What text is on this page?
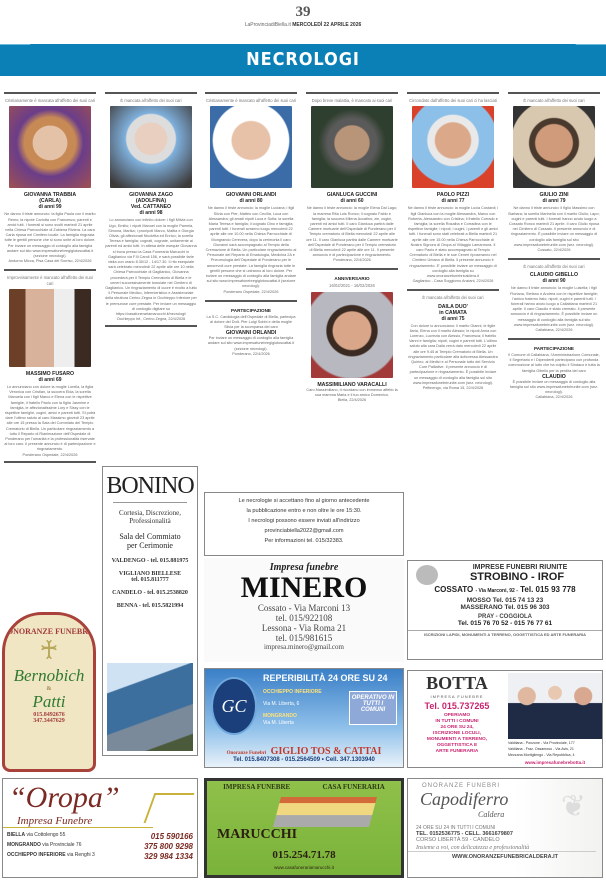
39
LaProvinciadiBiella.it MERCOLEDÌ 22 APRILE 2026
NECROLOGI
Cristianamente è mancata all'affetto dei suoi cari
GIOVANNA TRABBIA
(CARLA)
di anni 99
Ne danno il triste annuncio: la figlia Paola con il marito Remo; la nipote Carlotta con Francesco; parenti e amici tutti. I funerali si sono svolti martedì 21 aprile nella Chiesa Parrocchiale di Zubiena Riviera. La cara Carla riposa nel Cimitero locale. La famiglia ringrazia tutte le gentili persone che si sono unite al loro dolore. Per inviare un messaggio di cordoglio alla famiglia andare sul sito www.impresafunebregiglotoscattai.it (sezione necrologi).
Andorno Micca, Pisa Casa del Sorriso, 22/4/2026
Improvvisamente è mancato all'affetto dei suoi cari
MASSIMO FUSARO
di anni 69
Lo annunciano con dolore la moglie Lorella, la figlia Veronica con Cristian, la suocera Elda, la sorella Manuela con i figli Marco e Elena con le rispettive famiglie, il fratello Paolo con la figlia Jasmine e famiglia, le affezionatissime Lory e Sissy con le rispettive famiglie, cugini, amici e parenti tutti. Si potrà dare l'ultimo saluto al caro Massimo giovedì 23 aprile alle ore 15 presso la Sala del Commiato del Tempio Crematorio di Biella. Un particolare ringraziamento a tutto il Reparto di Rianimazione dell'Ospedale di Ponderano per l'umanità e la professionalità riservate al loro caro. Il presente annuncio è di partecipazione e ringraziamento.
Ponderano Ospedale, 22/4/2026
È mancata all'affetto dei suoi cari
GIOVANNA ZAGO
(ADOLFINA)
Ved. CATTANEO
di anni 98
Lo annunciano con infinito dolore: i figli Milvia con Ugo, Emilio; i nipoti Manuel con la moglie Pamela, Simona, Marika; i pronipoti Marco, Mattia e Giorgia Olivia; gli affezionati Nicoletta ed Enrico; la sorella Teresa e famiglia; cognati, cognate, unitamente ai parenti ed amici tutti. In attesa delle esequie Giovanna si trova presso la Casa Funeraria Marucchi in Gaglianico via F.lli Caroli 156, e sarà possibile farle visita con orario 8.30/12 - 14/17.30. Il rito esequiale sarà celebrato mercoledì 22 aprile alle ore 10 nella Chiesa Parrocchiale di Gaglianico, Giovanna procederà per il Tempio Crematorio di Biella e le ceneri successivamente tumulate nel Cimitero di Gaglianico. Un ringraziamento di cuore è rivolto a tutto il Personale Medico, Infermieristico e Assistenziale della struttura Cerino Zegna in Occhieppo Inferiore per le premurose cure prestate. Per inviare un messaggio di cordoglio digitare su https://casafunerariamarucchi.it/necrologi/
Occhieppo Inf., Cerino Zegna, 22/4/2026
Cristianamente è mancato all'affetto dei suoi cari
GIOVANNI ORLANDI
di anni 80
Ne danno il triste annuncio: la moglie Luciana; i figli Silvia con Pier, Matteo con Cecilia, Luca con Alessandra; gli amati nipoti Luca e Sofia; la sorella Maria Teresa e famiglia; il cognato Dino e famiglia; parenti tutti. I funerali avranno luogo mercoledì 22 aprile alle ore 10.00 nella Chiesa Parrocchiale di Mongrando Cerevera, dopo la cerimonia il caro Giovanni sarà accompagnato al Tempio della Cremazione di Biella. Un particolare ringraziamento al Personale del Reparto di Ematologia, Medicina 2A e Pneumologia dell'Ospedale di Ponderano per le amorevoli cure prestate. La famiglia ringrazia tutte le gentili persone che si uniranno al loro dolore. Per inviare un messaggio di cordoglio alla famiglia andare sul sito www.impresafunebregiglotoscattai.it (sezione necrologi).
Ponderano Ospedale, 22/4/2026
PARTECIPAZIONE
La S.C. Cardiologia dell'Ospedale di Biella, partecipa al dolore del Dott. Pier Luigi Sobbi e della moglie Silvia per la scomparsa del caro
GIOVANNI ORLANDI
Per inviare un messaggio di cordoglio alla famiglia andare sul sito www.impresafunebregiglotoscattai.it (sezione necrologi).
Ponderano, 22/4/2026
Dopo breve malattia, è mancato ai suoi cari
GIANLUCA GUCCINI
di anni 60
Ne danno il triste annuncio: la moglie Elena Dal Lago; la mamma Rita Lois Ronco; il cognato Fabio e famiglia; la suocera Milena Accatino; zie, cugini, parenti ed amici tutti. Il caro Gianluca partirà dalle Camere mortuarie dell'Ospedale di Ponderano per il Tempio crematorio di Biella mercoledì 22 aprile alle ore 11. Il caro Gianluca partirà dalle Camere mortuarie dell'Ospedale di Ponderano per il Tempio crematorio di Biella mercoledì 22 aprile alle ore 11. Il presente annuncio è di partecipazione e ringraziamento.
Ponderano, 22/4/2026
ANNIVERSARIO
16/02/2021 - 16/02/2026
MASSIMILIANO VARACALLI
Caro Massimiliano, ti ricordano con immenso affetto la sua mamma Maria e il tuo amico Domenico.
Biella, 22/4/2026
Circondato dall'affetto dei suoi cari ci ha lasciati
PAOLO PIZZI
di anni 77
Ne danno il triste annuncio: la moglie Lucia Costardi; i figli Gianluca con la moglie Alessandra, Marco con Roberta, Alessandro con Cristina; il fratello Corrado e famiglia; la sorella Rosalba e Corradina con le rispettive famiglie; i nipoti, i cugini, i parenti e gli amici tutti. I funerali sono stati celebrati a Biella martedì 21 aprile alle ore 15.00 nella Chiesa Parrocchiale di Nostra Signora di Oropa al Villaggio Lamarmora. Il caro Paolo è stato accompagnato al Tempio Crematorio di Biella e le sue Ceneri riposeranno nel Cimitero Urbano di Biella. Il presente annuncio è ringraziamento. E' possibile inviare un messaggio di cordoglio alla famiglia su www.onoranzefunebricaldera.it
Gaglianico - Casa Soggiorno Anziani, 22/4/2026
È mancata all'affetto dei suoi cari
DAILA DUO'
in CAMATA
di anni 75
Con dolore lo annunciano: il marito Gianni; le figlie Ilaria, Elena con il marito Alessio; le nipoti Anna con Lorenzo, Lucrezia con Alessio, Francesca; il fratello Vanni e famiglia; nipoti, cugini e parenti tutti. L'ultimo saluto alla cara Daila verrà dato mercoledì 22 aprile alle ore 9.45 al Tempio Crematorio di Biella. Un ringraziamento particolare alla dottoressa Alessandra Quirino, ai Medici e al Personale tutto del Servizio Cure Palliative. Il presente annuncio è di partecipazione e ringraziamento. È possibile inviare un messaggio di cordoglio alla famiglia sul sito www.impresafunebrirunite.com (sez. necrologi).
Pettinengo, via Roma 15, 22/4/2026
È mancato all'affetto dei suoi cari
GIULIO ZINI
di anni 79
Ne danno il triste annuncio: il figlio Massimo con Barbara; la sorella Marinella con il marito Giulio; Lapo; cugini e parenti tutti. I funerali hanno avuto luogo a Cossato Ronco martedì 21 aprile. Il caro Giulio riposa nel Cimitero di Cossato. Il presente annuncio è di ringraziamento. È possibile inviare un messaggio di cordoglio alla famiglia sul sito www.impresafunebrirunite.com (sez. necrologi).
Cossato, 22/4/2026
È mancato all'affetto dei suoi cari
CLAUDIO GIBELLO
di anni 90
Ne danno il triste annuncio: la moglie Luisella; i figli Floriana, Stefano e Andrea con le rispettive famiglie; l'amico fraterno Italo; nipoti, cugini e parenti tutti. I funerali hanno avuto luogo a Callabiana martedì 21 aprile. Il caro Claudio è stato cremato. Il presente annuncio è di ringraziamento. È possibile inviare un messaggio di cordoglio alla famiglia sul sito www.impresafunebrirunite.com (sez. necrologi).
Callabiana, 22/4/2026
PARTECIPAZIONE
Il Comune di Callabiana, l'Amministrazione Comunale, il Segretario e i Dipendenti partecipano con profonda commozione al lutto che ha colpito il Sindaco e tutta la famiglia Gibello per la perdita del caro
CLAUDIO
È possibile inviare un messaggio di cordoglio alla famiglia sul sito www.impresafunebrirunite.com (sez. necrologi).
Callabiana, 22/4/2026
Le necrologie si accettano fino al giorno antecedente
la pubblicazione entro e non oltre le ore 15:30.
I necrologi possono essere inviati all'indirizzo
provinciabiella2022@gmail.com
Per informazioni tel. 015/32383.
BONINO
Cortesia, Discrezione,
Professionalità
Sala del Commiato
per Cerimonie
VALDENGO - tel. 015.881975
VIGLIANO BIELLESE
tel. 015.811777
CANDELO - tel. 015.2538820
BENNA - tel. 015.5821994
ONORANZE FUNEBRI
♰
Bernobich
&
Patti
015.8492676
347.3447629
Impresa funebre
MINERO
Cossato - Via Marconi 13
tel. 015/922108
Lessona - Via Roma 21
tel. 015/981615
impresa.minero@gmail.com
IMPRESE FUNEBRI RIUNITE
STROBINO - IROF
COSSATO - Via Marconi, 92 - Tel. 015 93 778
MOSSO Tel. 015 74 13 23
MASSERANO Tel. 015 96 303
PRAY - COGGIOLA
Tel. 015 76 70 52 - 015 76 77 61
ISCRIZIONI LAPIDI, MONUMENTI A TERRENO, OGGETTISTICA ED ARTE FUNERARIA
GC
REPERIBILITÀ 24 ORE SU 24
OCCHIEPPO INFERIORE
Via M. Liberta, 6
MONGRANDO
Via M. Liberta
OPERATIVO IN TUTTI I COMUNI
Onoranze Funebri GIGLIO TOS & CATTAI
Tel. 015.8407308 - 015.2564509 • Cell. 347.1303940
BOTTA
IMPRESA FUNEBRE
Tel. 015.737265
OPERIAMO
IN TUTTI I COMUNI
24 ORE SU 24,
ISCRIZIONE LOCULI,
MONUMENTI A TERRENO,
OGGETTISTICA E
ARTE FUNERARIA
Valdilana - Ponzone - Via Provinciale, 177
Valdilana - Fraz. Ossamoso - Via Avis, 21
Mezzana Mortigliengo - Via Repubblica, 4
www.impresafunebrebotta.it
“Oropa”
Impresa Funebre
BIELLA via Cottolengo 55	015 590166
MONGRANDO via Provinciale 76	375 800 9298
OCCHIEPPO INFERIORE via Renghi 3	329 984 1334
IMPRESA FUNEBRE	CASA FUNERARIA
MARUCCHI
015.254.71.78
www.casafunerariamarucchi.it
ONORANZE FUNEBRI
Capodiferro
Caldera	❦
24 ORE SU 24 IN TUTTI I COMUNI
TEL. 0152536775 - CELL. 3661679807
CORSO LIBERTÀ 59 - CANDELO
Insieme a voi, con delicatezza e professionalità
WWW.ONORANZEFUNEBRICALDERA.IT
